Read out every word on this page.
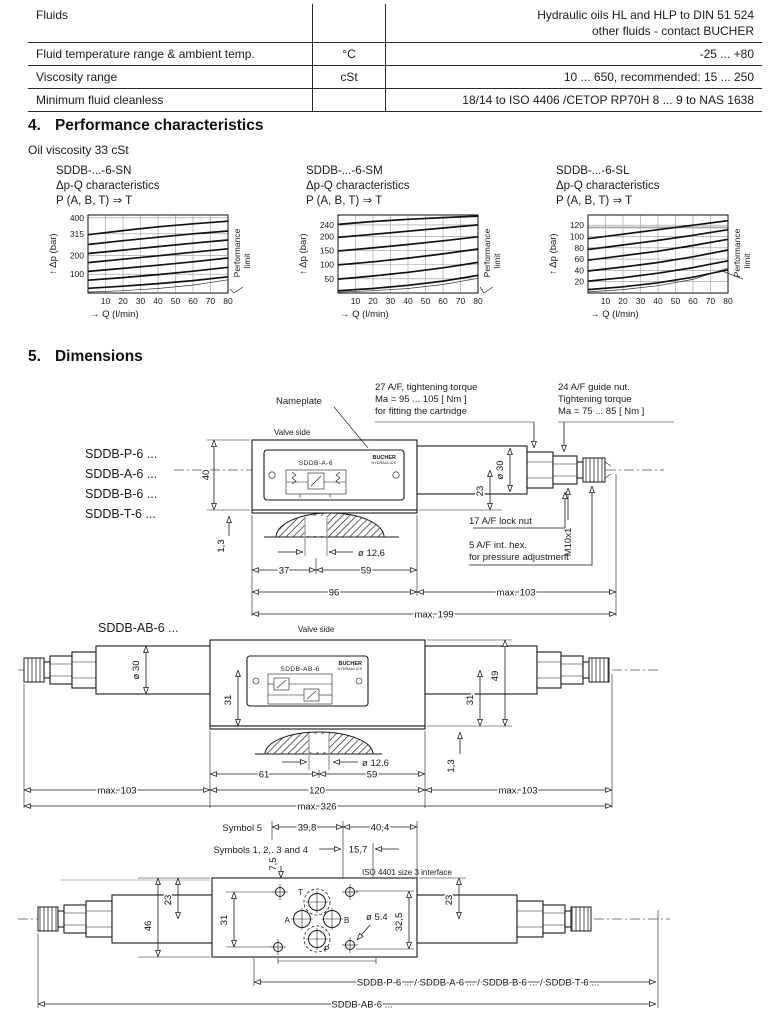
Fluids		Hydraulic oils HL and HLP to DIN 51 524
other fluids - contact BUCHER

Fluid temperature range & ambient temp.	°C	-25 ... +80
Viscosity range	cSt	10 ... 650, recommended: 15 ... 250
Minimum fluid cleanless		18/14 to ISO 4406 /CETOP RP70H 8 ... 9 to NAS 1638
4. Performance characteristics
Oil viscosity 33 cSt
SDDB-...-6-SN
Δp-Q characteristics
P (A, B, T) ⇒ T
↑ Δp (bar)
10 20 30 40 50 60 70 80
100
200
315
400
→ Q (l/min)
Performance limit
SDDB-...-6-SM
Δp-Q characteristics
P (A, B, T) ⇒ T
↑ Δp (bar)
10 20 30 40 50 60 70 80
50
100
150
200
240
→ Q (l/min)
Performance limit
SDDB-...-6-SL
Δp-Q characteristics
P (A, B, T) ⇒ T
↑ Δp (bar)
10 20 30 40 50 60 70 80
20
40
60
80
100
120
→ Q (l/min)
Performance limit
5. Dimensions
SDDB-P-6 ...
SDDB-A-6 ...
SDDB-B-6 ...
SDDB-T-6 ...
SDDB-A-6
BUCHER
HYDRAULICS
Nameplate
Valve side
27 A/F, tightening torque
Ma = 95 ... 105 [ Nm ]
for fitting the cartridge
24 A/F guide nut.
Tightening torque
Ma = 75 ... 85 [ Nm ]
17 A/F lock nut
M10x1
5 A/F int. hex.
for pressure adjustment
40
1,3
ø 30
23
ø 12,6
37	59
96	max. 103
max. 199
SDDB-AB-6 ...	Valve side
SDDB-AB-6
BUCHER
HYDRAULICS
ø 30
31	31
49
1,3
ø 12,6
61	59
max. 103	120	max. 103
max. 326
Symbol 5
Symbols 1, 2,. 3 and 4
39,8	40,4
15,7
7,5
ISO 4401 size 3 interface
T
A	B
P
ø 5.4
46
23
31	32,5
23
SDDB-P-6 ... / SDDB-A-6 ... / SDDB-B-6 ... / SDDB-T-6 ...
SDDB-AB-6 ...
